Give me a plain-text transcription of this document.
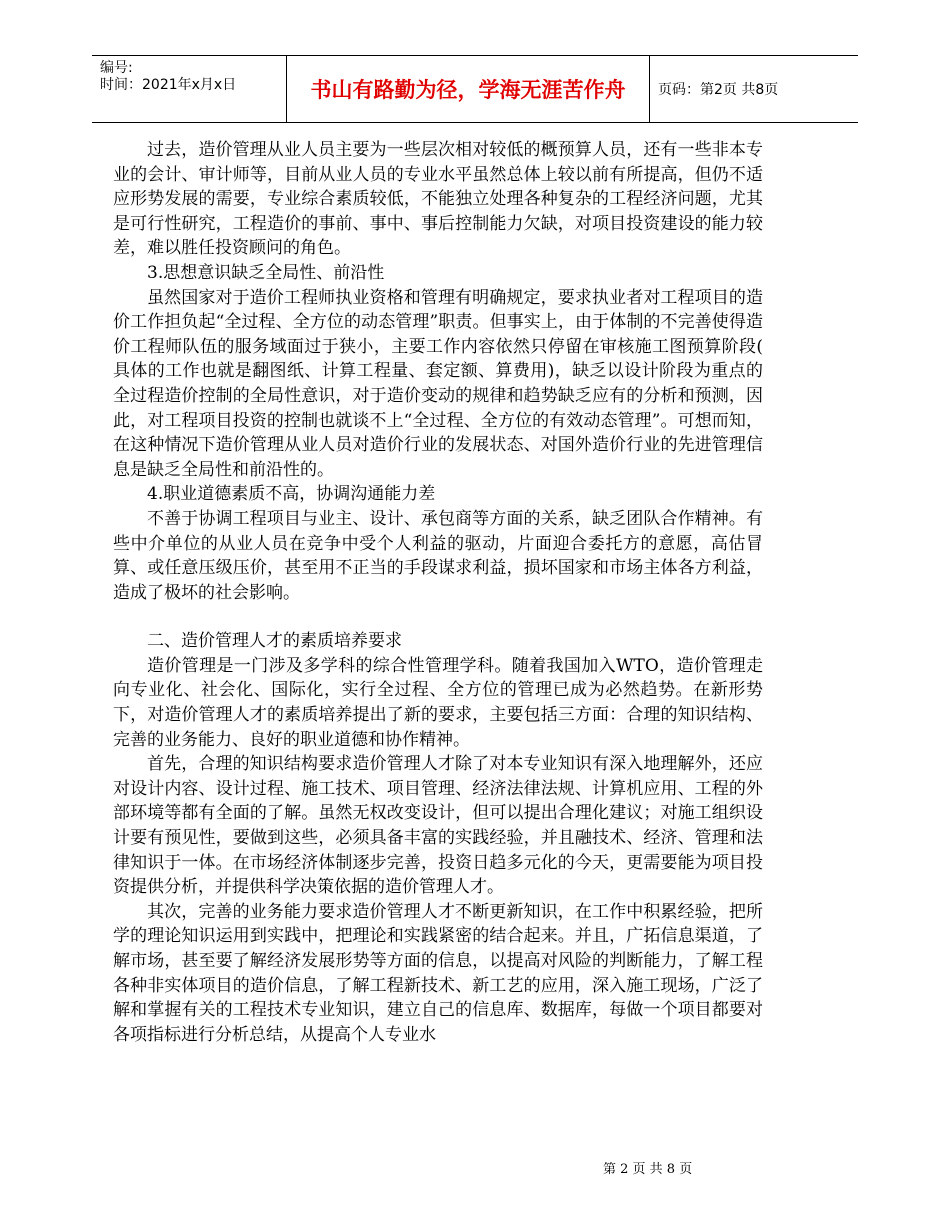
编号:
时间：2021年x月x日	书山有路勤为径，学海无涯苦作舟	页码：第2页 共8页

过去，造价管理从业人员主要为一些层次相对较低的概预算人员，还有一些非本专业的会计、审计师等，目前从业人员的专业水平虽然总体上较以前有所提高，但仍不适应形势发展的需要，专业综合素质较低，不能独立处理各种复杂的工程经济问题，尤其是可行性研究，工程造价的事前、事中、事后控制能力欠缺，对项目投资建设的能力较差，难以胜任投资顾问的角色。

3.思想意识缺乏全局性、前沿性

虽然国家对于造价工程师执业资格和管理有明确规定，要求执业者对工程项目的造价工作担负起“全过程、全方位的动态管理”职责。但事实上，由于体制的不完善使得造价工程师队伍的服务域面过于狭小，主要工作内容依然只停留在审核施工图预算阶段( 具体的工作也就是翻图纸、计算工程量、套定额、算费用)，缺乏以设计阶段为重点的全过程造价控制的全局性意识，对于造价变动的规律和趋势缺乏应有的分析和预测，因此，对工程项目投资的控制也就谈不上“全过程、全方位的有效动态管理”。可想而知，在这种情况下造价管理从业人员对造价行业的发展状态、对国外造价行业的先进管理信息是缺乏全局性和前沿性的。

4.职业道德素质不高，协调沟通能力差

不善于协调工程项目与业主、设计、承包商等方面的关系，缺乏团队合作精神。有些中介单位的从业人员在竞争中受个人利益的驱动，片面迎合委托方的意愿，高估冒算、或任意压级压价，甚至用不正当的手段谋求利益，损坏国家和市场主体各方利益，造成了极坏的社会影响。

二、造价管理人才的素质培养要求

造价管理是一门涉及多学科的综合性管理学科。随着我国加入WTO，造价管理走向专业化、社会化、国际化，实行全过程、全方位的管理已成为必然趋势。在新形势下，对造价管理人才的素质培养提出了新的要求，主要包括三方面：合理的知识结构、完善的业务能力、良好的职业道德和协作精神。

首先，合理的知识结构要求造价管理人才除了对本专业知识有深入地理解外，还应对设计内容、设计过程、施工技术、项目管理、经济法律法规、计算机应用、工程的外部环境等都有全面的了解。虽然无权改变设计，但可以提出合理化建议；对施工组织设计要有预见性，要做到这些，必须具备丰富的实践经验，并且融技术、经济、管理和法律知识于一体。在市场经济体制逐步完善，投资日趋多元化的今天，更需要能为项目投资提供分析，并提供科学决策依据的造价管理人才。

其次，完善的业务能力要求造价管理人才不断更新知识，在工作中积累经验，把所学的理论知识运用到实践中，把理论和实践紧密的结合起来。并且，广拓信息渠道，了解市场，甚至要了解经济发展形势等方面的信息，以提高对风险的判断能力，了解工程各种非实体项目的造价信息，了解工程新技术、新工艺的应用，深入施工现场，广泛了解和掌握有关的工程技术专业知识，建立自己的信息库、数据库，每做一个项目都要对各项指标进行分析总结，从提高个人专业水

第 2 页 共 8 页
